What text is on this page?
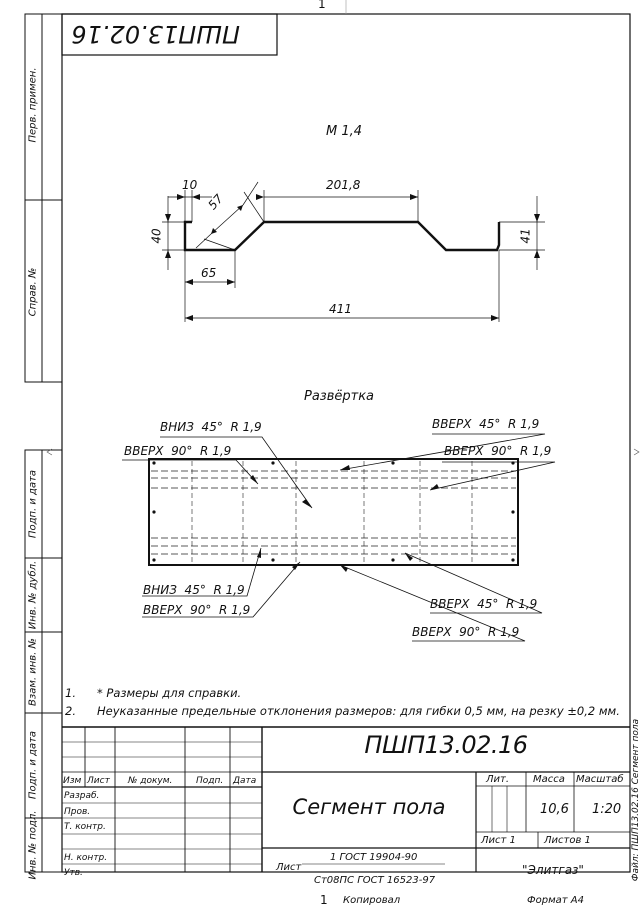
1
ПШП13.02.16
Перв. примен.
Справ. №
Подп. и дата
Инв. № дубл.
Взам. инв. №
Подп. и дата
Инв. № подл.
М 1,4
10
57
201,8
40	41
65
411
Развёртка
ВНИЗ  45°  R 1,9
ВВЕРХ  90°  R 1,9
ВВЕРХ  45°  R 1,9
ВВЕРХ  90°  R 1,9
ВНИЗ  45°  R 1,9
ВВЕРХ  90°  R 1,9	ВВЕРХ  45°  R 1,9
ВВЕРХ  90°  R 1,9
1. * Размеры для справки.
2. Неуказанные предельные отклонения размеров: для гибки 0,5 мм, на резку ±0,2 мм.
ПШП13.02.16
Сегмент пола
Изм Лист № докум.	Подп. Дата
Разраб.
Пров.
Т. контр.
Н. контр.
Утв.
Лит. Масса Масштаб
10,6 1:20
Лист 1	Листов 1
Лист
1 ГОСТ 19904-90
Ст08ПС ГОСТ 16523-97
"Элитгаз"	Файл: ПШП13.02.16 Сегмент пола
1 Копировал	Формат А4
